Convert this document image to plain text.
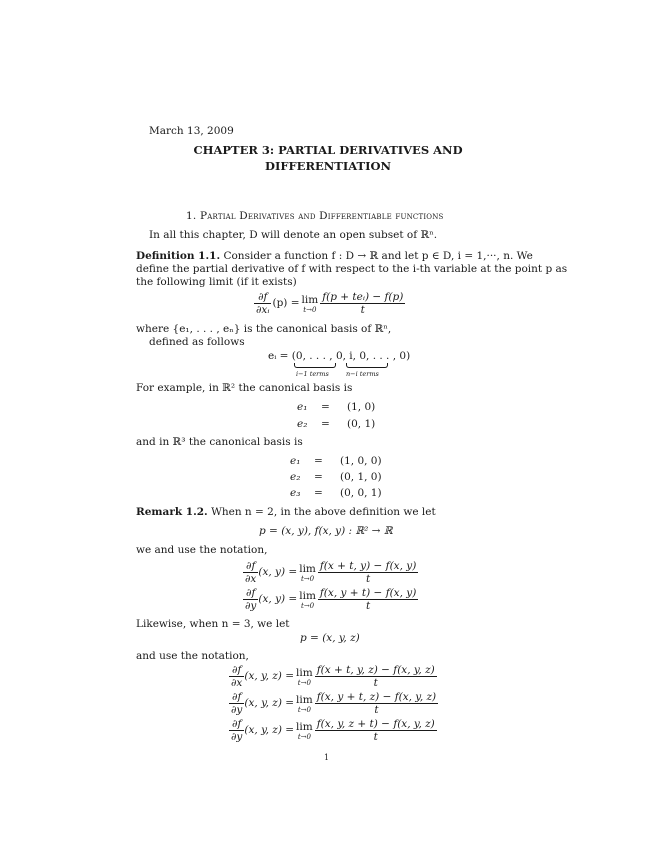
March 13, 2009
CHAPTER 3: PARTIAL DERIVATIVES AND
DIFFERENTIATION
1. Partial Derivatives and Differentiable functions
In all this chapter, D will denote an open subset of ℝⁿ.
Definition 1.1. Consider a function f : D → ℝ and let p ∈ D, i = 1,···, n. We
define the partial derivative of f with respect to the i-th variable at the point p as
the following limit (if it exists)
$\frac{\partial f}{\text{∂xᵢ}} (p) = \lim$
$t\to 0 \frac{\text{f(p + teᵢ) − f(p)}}{t}$
where {e₁, . . . , eₙ} is the canonical basis of ℝⁿ,
defined as follows
eᵢ = (0, . . . , 0, i, 0, . . . , 0)
i−1 terms	n−i terms
For example, in ℝ² the canonical basis is
e₁	=	(1, 0)
e₂	=	(0, 1)
and in ℝ³ the canonical basis is
e₁	=	(1, 0, 0)
e₂	=	(0, 1, 0)
e₃	=	(0, 0, 1)
Remark 1.2. When n = 2, in the above definition we let
p = (x, y), f(x, y) : ℝ² → ℝ
we and use the notation,
$\frac{\partial f}{\partial x} (x$, y) = lim
$t\to 0 \frac{f(x + t, y) - f(x, y)}{t}$
$\frac{\partial f}{\partial y} (x$, y) = lim
$t\to 0 \frac{f(x, y + t) - f(x, y)}{t}$
Likewise, when n = 3, we let
p = (x, y, z)
and use the notation,
$\frac{\partial f}{\partial x} (x$, y, z) = lim
$t\to 0 \frac{f(x + t, y, z) - f(x, y, z)}{t}$
$\frac{\partial f}{\partial y} (x$, y, z) = lim
$t\to 0 \frac{f(x, y + t, z) - f(x, y, z)}{t}$
$\frac{\partial f}{\partial y} (x$, y, z) = lim
$t\to 0 \frac{f(x, y, z + t) - f(x, y, z)}{t}$
1
